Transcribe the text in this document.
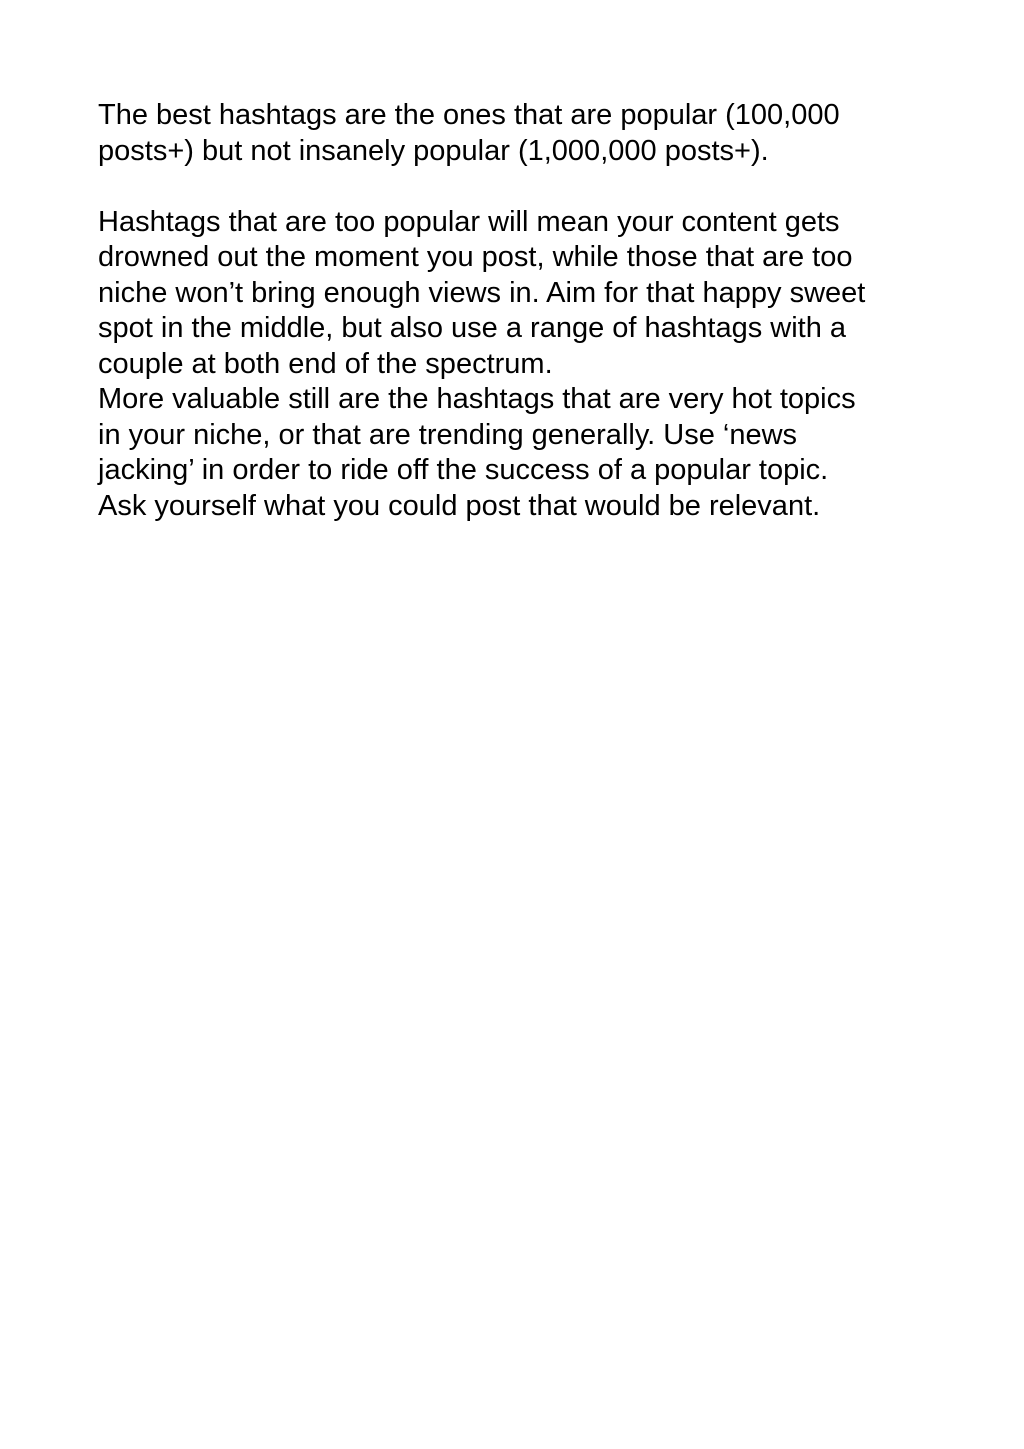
The best hashtags are the ones that are popular (100,000
posts+) but not insanely popular (1,000,000 posts+).
Hashtags that are too popular will mean your content gets
drowned out the moment you post, while those that are too
niche won’t bring enough views in. Aim for that happy sweet
spot in the middle, but also use a range of hashtags with a
couple at both end of the spectrum.
More valuable still are the hashtags that are very hot topics
in your niche, or that are trending generally. Use ‘news
jacking’ in order to ride off the success of a popular topic.
Ask yourself what you could post that would be relevant.
